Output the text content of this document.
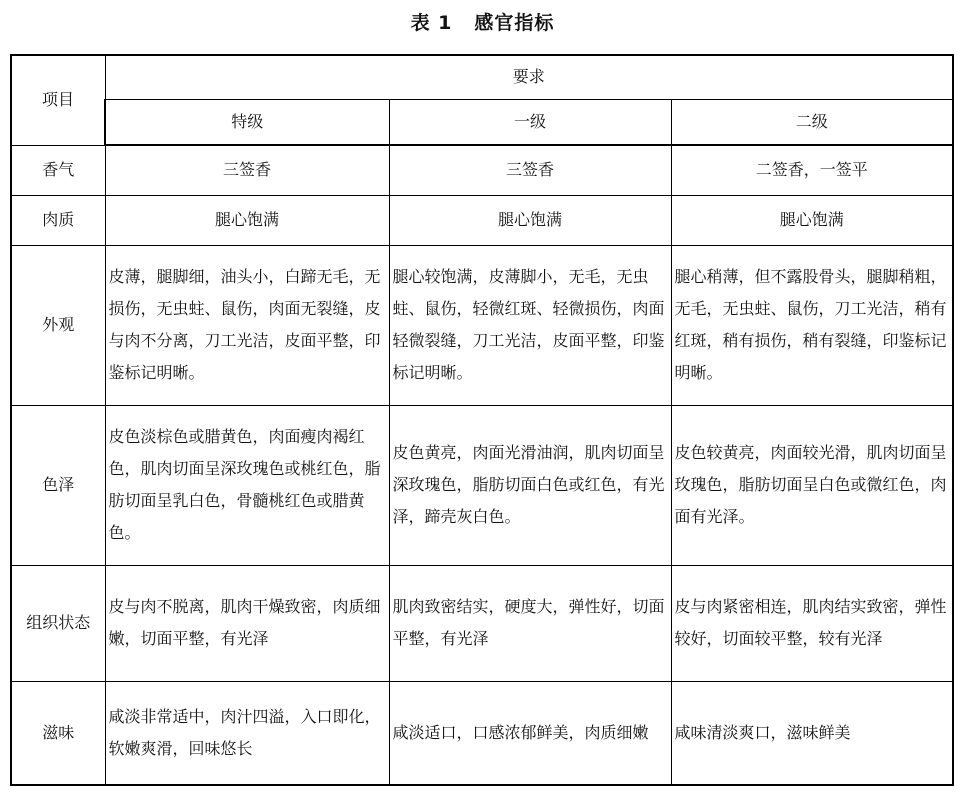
表 1 感官指标
项目	要求		
	特级	一级	二级
香气	三签香	三签香	二签香，一签平
肉质	腿心饱满	腿心饱满	腿心饱满
外观	皮薄，腿脚细，油头小，白蹄无毛，无损伤，无虫蛀、鼠伤，肉面无裂缝，皮与肉不分离，刀工光洁，皮面平整，印鉴标记明晰。	腿心较饱满，皮薄脚小，无毛，无虫蛀、鼠伤，轻微红斑、轻微损伤，肉面轻微裂缝，刀工光洁，皮面平整，印鉴标记明晰。	腿心稍薄，但不露股骨头，腿脚稍粗，无毛，无虫蛀、鼠伤，刀工光洁，稍有红斑，稍有损伤，稍有裂缝，印鉴标记明晰。
色泽	皮色淡棕色或腊黄色，肉面瘦肉褐红色，肌肉切面呈深玫瑰色或桃红色，脂肪切面呈乳白色，骨髓桃红色或腊黄色。	皮色黄亮，肉面光滑油润，肌肉切面呈深玫瑰色，脂肪切面白色或红色，有光泽，蹄壳灰白色。	皮色较黄亮，肉面较光滑，肌肉切面呈玫瑰色，脂肪切面呈白色或微红色，肉面有光泽。
组织状态	皮与肉不脱离，肌肉干燥致密，肉质细嫩，切面平整，有光泽	肌肉致密结实，硬度大，弹性好，切面平整，有光泽	皮与肉紧密相连，肌肉结实致密，弹性较好，切面较平整，较有光泽
滋味	咸淡非常适中，肉汁四溢，入口即化，软嫩爽滑，回味悠长	咸淡适口，口感浓郁鲜美，肉质细嫩	咸味清淡爽口，滋味鲜美
